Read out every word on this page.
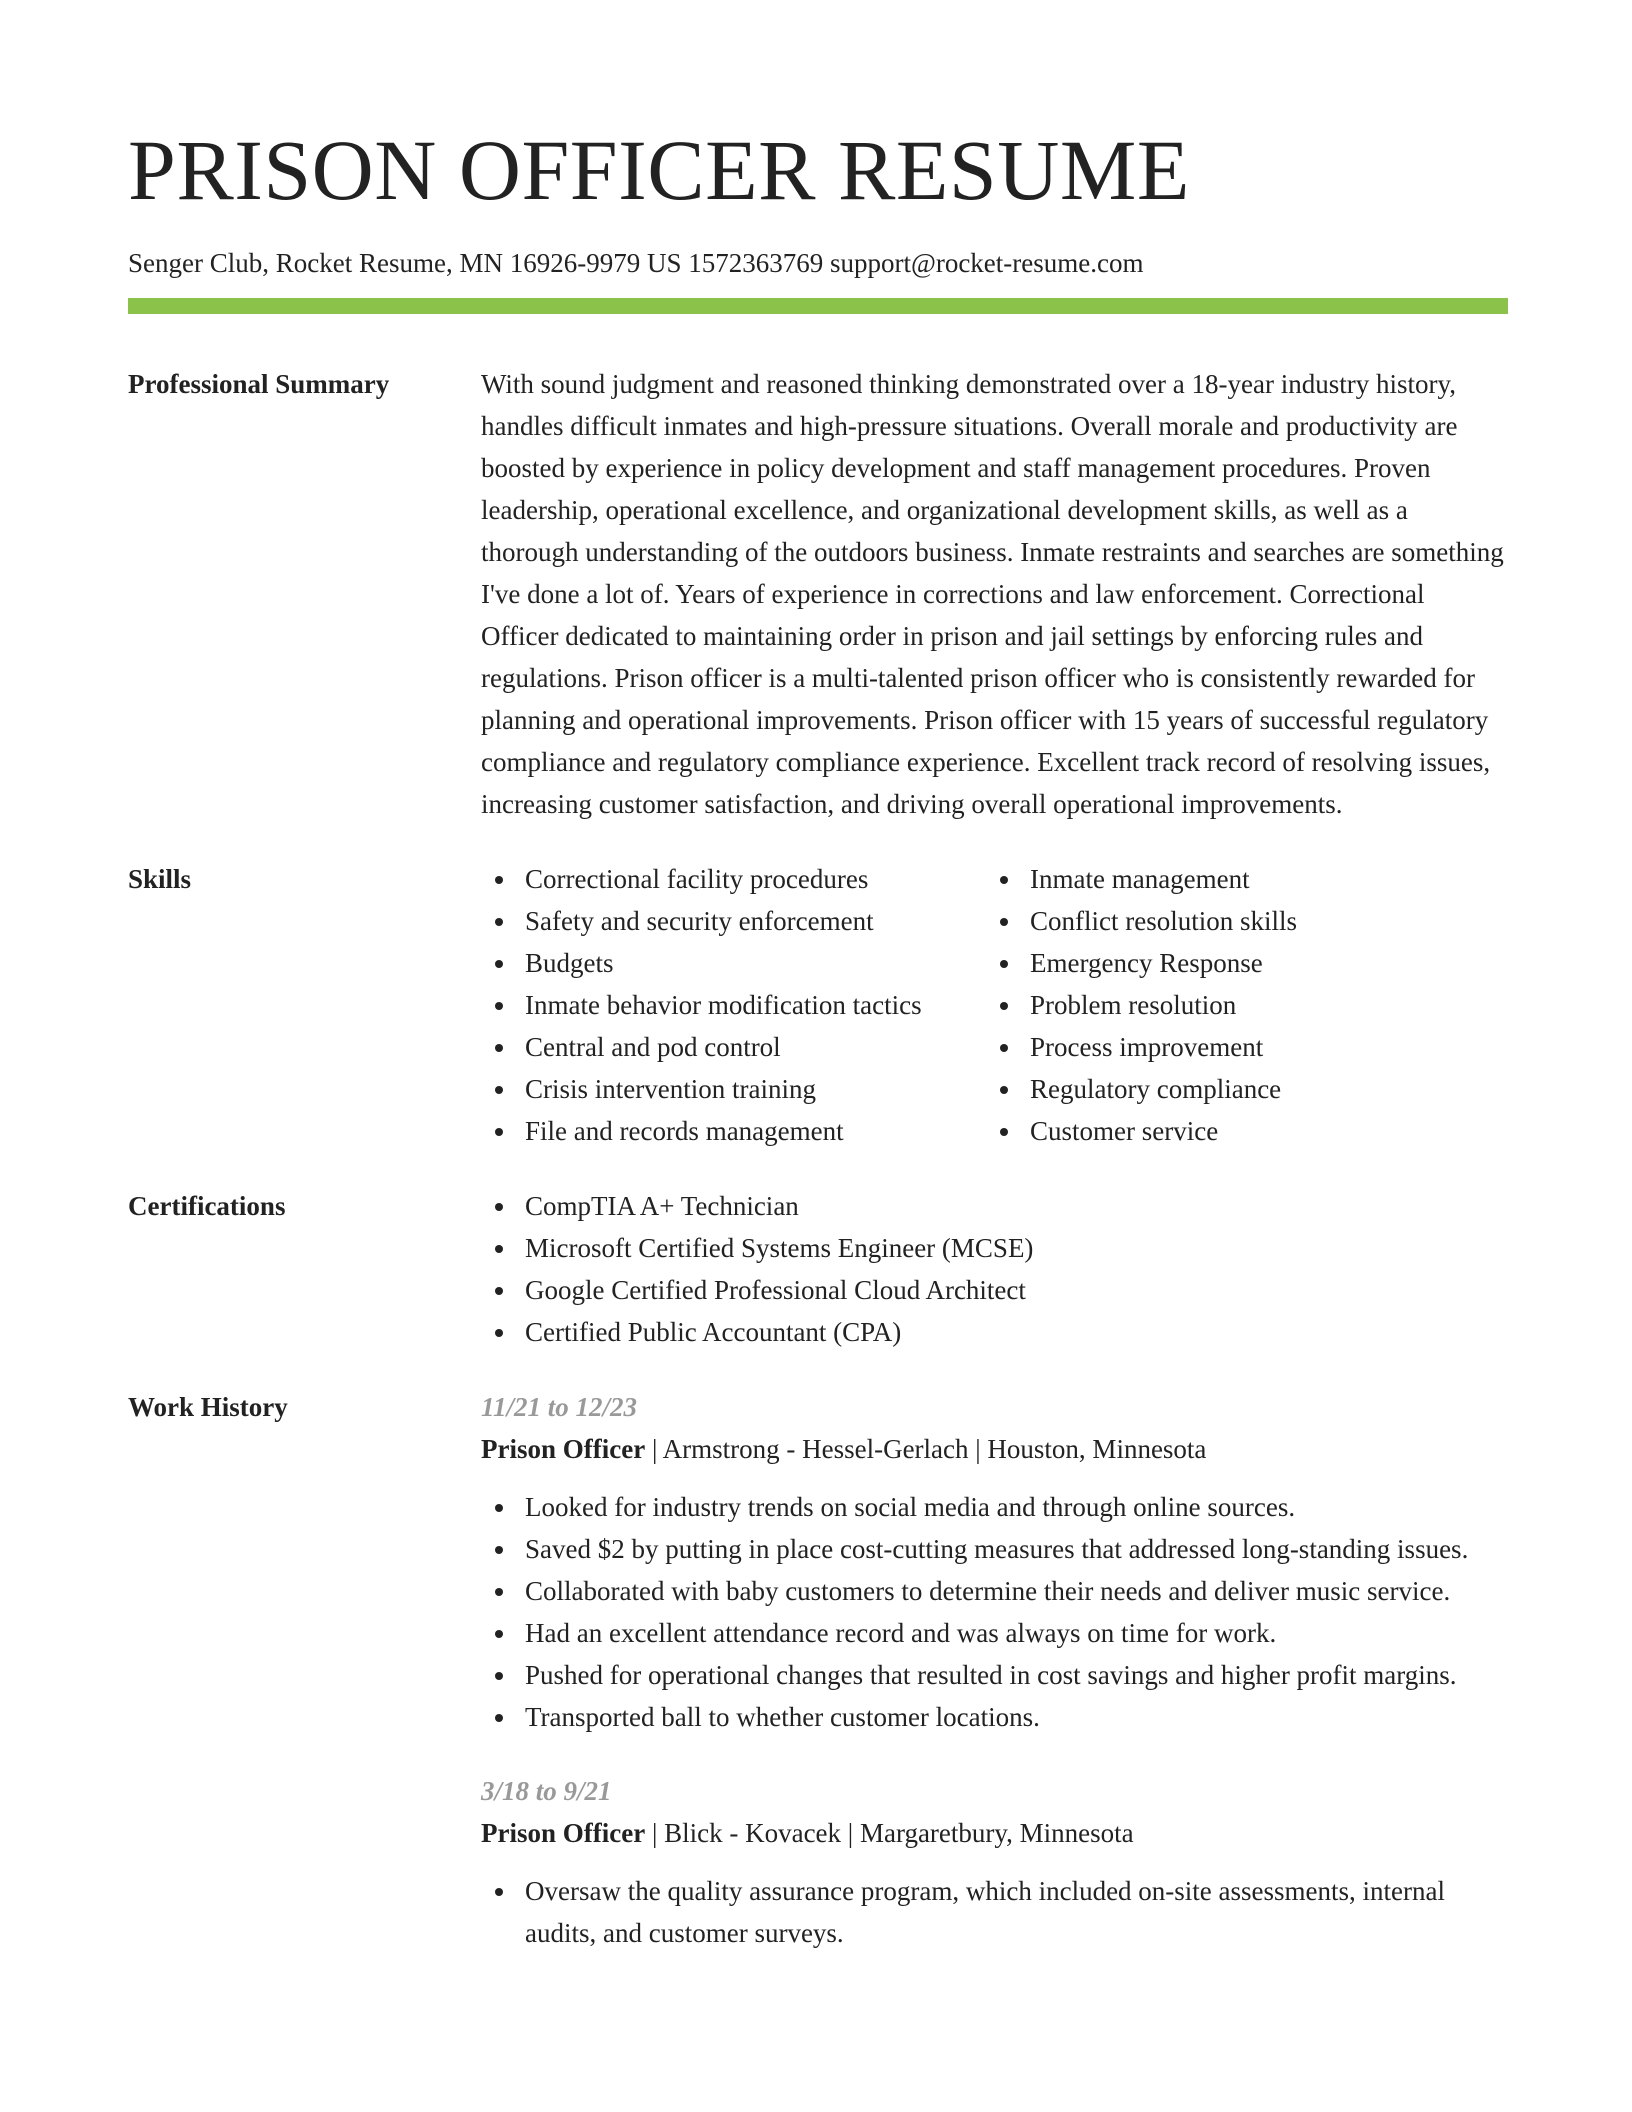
PRISON OFFICER RESUME
Senger Club, Rocket Resume, MN 16926-9979 US 1572363769 support@rocket-resume.com
Professional Summary	With sound judgment and reasoned thinking demonstrated over a 18-year industry history, handles difficult inmates and high-pressure situations. Overall morale and productivity are boosted by experience in policy development and staff management procedures. Proven leadership, operational excellence, and organizational development skills, as well as a thorough understanding of the outdoors business. Inmate restraints and searches are something I've done a lot of. Years of experience in corrections and law enforcement. Correctional Officer dedicated to maintaining order in prison and jail settings by enforcing rules and regulations. Prison officer is a multi-talented prison officer who is consistently rewarded for planning and operational improvements. Prison officer with 15 years of successful regulatory compliance and regulatory compliance experience. Excellent track record of resolving issues, increasing customer satisfaction, and driving overall operational improvements.
Skills	Correctional facility procedures
Safety and security enforcement
Budgets
Inmate behavior modification tactics
Central and pod control
Crisis intervention training
File and records management
Inmate management
Conflict resolution skills
Emergency Response
Problem resolution
Process improvement
Regulatory compliance
Customer service
Certifications	CompTIA A+ Technician
Microsoft Certified Systems Engineer (MCSE)
Google Certified Professional Cloud Architect
Certified Public Accountant (CPA)
Work History	11/21 to 12/23
Prison Officer | Armstrong - Hessel-Gerlach | Houston, Minnesota
Looked for industry trends on social media and through online sources.
Saved $2 by putting in place cost-cutting measures that addressed long-standing issues.
Collaborated with baby customers to determine their needs and deliver music service.
Had an excellent attendance record and was always on time for work.
Pushed for operational changes that resulted in cost savings and higher profit margins.
Transported ball to whether customer locations.
3/18 to 9/21
Prison Officer | Blick - Kovacek | Margaretbury, Minnesota
Oversaw the quality assurance program, which included on-site assessments, internal audits, and customer surveys.
